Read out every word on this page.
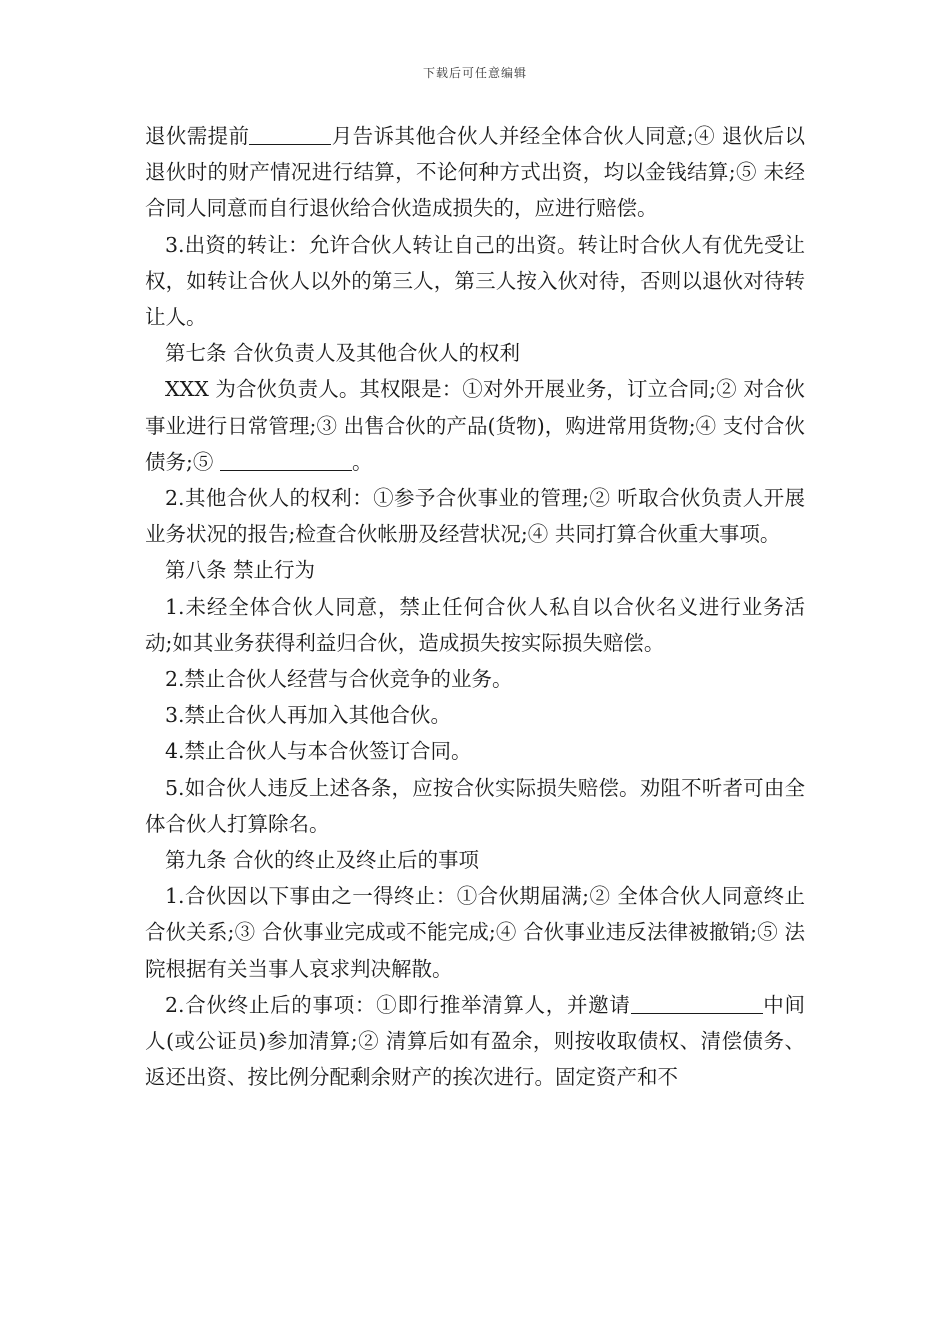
下载后可任意编辑

退伙需提前	月告诉其他合伙人并经全体合伙人同意;④ 退伙后以退伙时的财产情况进行结算，不论何种方式出资，均以金钱结算;⑤ 未经合同人同意而自行退伙给合伙造成损失的，应进行赔偿。

3.出资的转让：允许合伙人转让自己的出资。转让时合伙人有优先受让权，如转让合伙人以外的第三人，第三人按入伙对待，否则以退伙对待转让人。

第七条 合伙负责人及其他合伙人的权利

XXX 为合伙负责人。其权限是：①对外开展业务，订立合同;② 对合伙事业进行日常管理;③ 出售合伙的产品(货物)，购进常用货物;④ 支付合伙债务;⑤	。

2.其他合伙人的权利：①参予合伙事业的管理;② 听取合伙负责人开展业务状况的报告;检查合伙帐册及经营状况;④ 共同打算合伙重大事项。

第八条 禁止行为

1.未经全体合伙人同意，禁止任何合伙人私自以合伙名义进行业务活动;如其业务获得利益归合伙，造成损失按实际损失赔偿。

2.禁止合伙人经营与合伙竞争的业务。

3.禁止合伙人再加入其他合伙。

4.禁止合伙人与本合伙签订合同。

5.如合伙人违反上述各条，应按合伙实际损失赔偿。劝阻不听者可由全体合伙人打算除名。

第九条 合伙的终止及终止后的事项

1.合伙因以下事由之一得终止：①合伙期届满;② 全体合伙人同意终止合伙关系;③ 合伙事业完成或不能完成;④ 合伙事业违反法律被撤销;⑤ 法院根据有关当事人哀求判决解散。

2.合伙终止后的事项：①即行推举清算人，并邀请	中间人(或公证员)参加清算;② 清算后如有盈余，则按收取债权、清偿债务、返还出资、按比例分配剩余财产的挨次进行。固定资产和不
